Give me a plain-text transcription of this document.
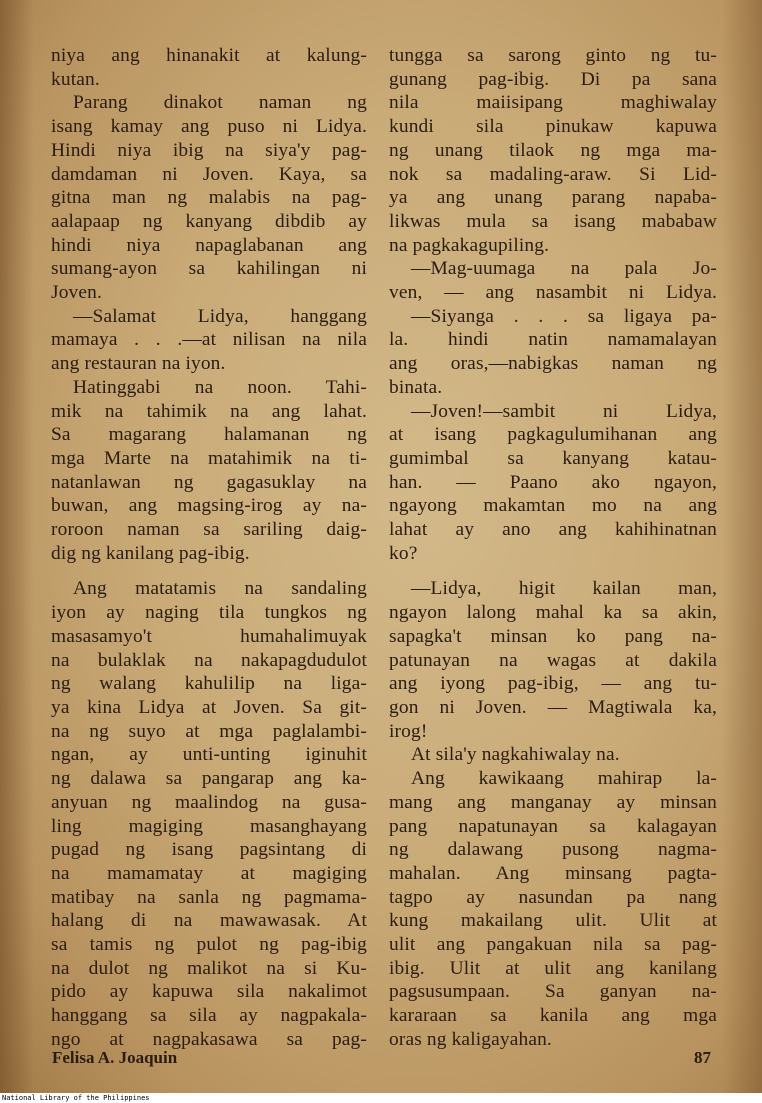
niya ang hinanakit at kalung-
kutan.
Parang dinakot naman ng
isang kamay ang puso ni Lidya.
Hindi niya ibig na siya'y pag-
damdaman ni Joven. Kaya, sa
gitna man ng malabis na pag-
aalapaap ng kanyang dibdib ay
hindi niya napaglabanan ang
sumang-ayon sa kahilingan ni
Joven.
—Salamat Lidya, hanggang
mamaya . . .—at nilisan na nila
ang restauran na iyon.
Hatinggabi na noon. Tahi-
mik na tahimik na ang lahat.
Sa magarang halamanan ng
mga Marte na matahimik na ti-
natanlawan ng gagasuklay na
buwan, ang magsing-irog ay na-
roroon naman sa sariling daig-
dig ng kanilang pag-ibig.
Ang matatamis na sandaling
iyon ay naging tila tungkos ng
masasamyo't humahalimuyak
na bulaklak na nakapagdudulot
ng walang kahulilip na liga-
ya kina Lidya at Joven. Sa git-
na ng suyo at mga paglalambi-
ngan, ay unti-unting iginuhit
ng dalawa sa pangarap ang ka-
anyuan ng maalindog na gusa-
ling magiging masanghayang
pugad ng isang pagsintang di
na mamamatay at magiging
matibay na sanla ng pagmama-
halang di na mawawasak. At
sa tamis ng pulot ng pag-ibig
na dulot ng malikot na si Ku-
pido ay kapuwa sila nakalimot
hanggang sa sila ay nagpakala-
ngo at nagpakasawa sa pag-
tungga sa sarong ginto ng tu-
gunang pag-ibig. Di pa sana
nila maiisipang maghiwalay
kundi sila pinukaw kapuwa
ng unang tilaok ng mga ma-
nok sa madaling-araw. Si Lid-
ya ang unang parang napaba-
likwas mula sa isang mababaw
na pagkakagupiling.
—Mag-uumaga na pala Jo-
ven, — ang nasambit ni Lidya.
—Siyanga . . . sa ligaya pa-
la. hindi natin namamalayan
ang oras,—nabigkas naman ng
binata.
—Joven!—sambit ni Lidya,
at isang pagkagulumihanan ang
gumimbal sa kanyang katau-
han. — Paano ako ngayon,
ngayong makamtan mo na ang
lahat ay ano ang kahihinatnan
ko?
—Lidya, higit kailan man,
ngayon lalong mahal ka sa akin,
sapagka't minsan ko pang na-
patunayan na wagas at dakila
ang iyong pag-ibig, — ang tu-
gon ni Joven. — Magtiwala ka,
irog!
At sila'y nagkahiwalay na.
Ang kawikaang mahirap la-
mang ang manganay ay minsan
pang napatunayan sa kalagayan
ng dalawang pusong nagma-
mahalan. Ang minsang pagta-
tagpo ay nasundan pa nang
kung makailang ulit. Ulit at
ulit ang pangakuan nila sa pag-
ibig. Ulit at ulit ang kanilang
pagsusumpaan. Sa ganyan na-
kararaan sa kanila ang mga
oras ng kaligayahan.
Felisa A. Joaquin	87
National Library of the Philippines
